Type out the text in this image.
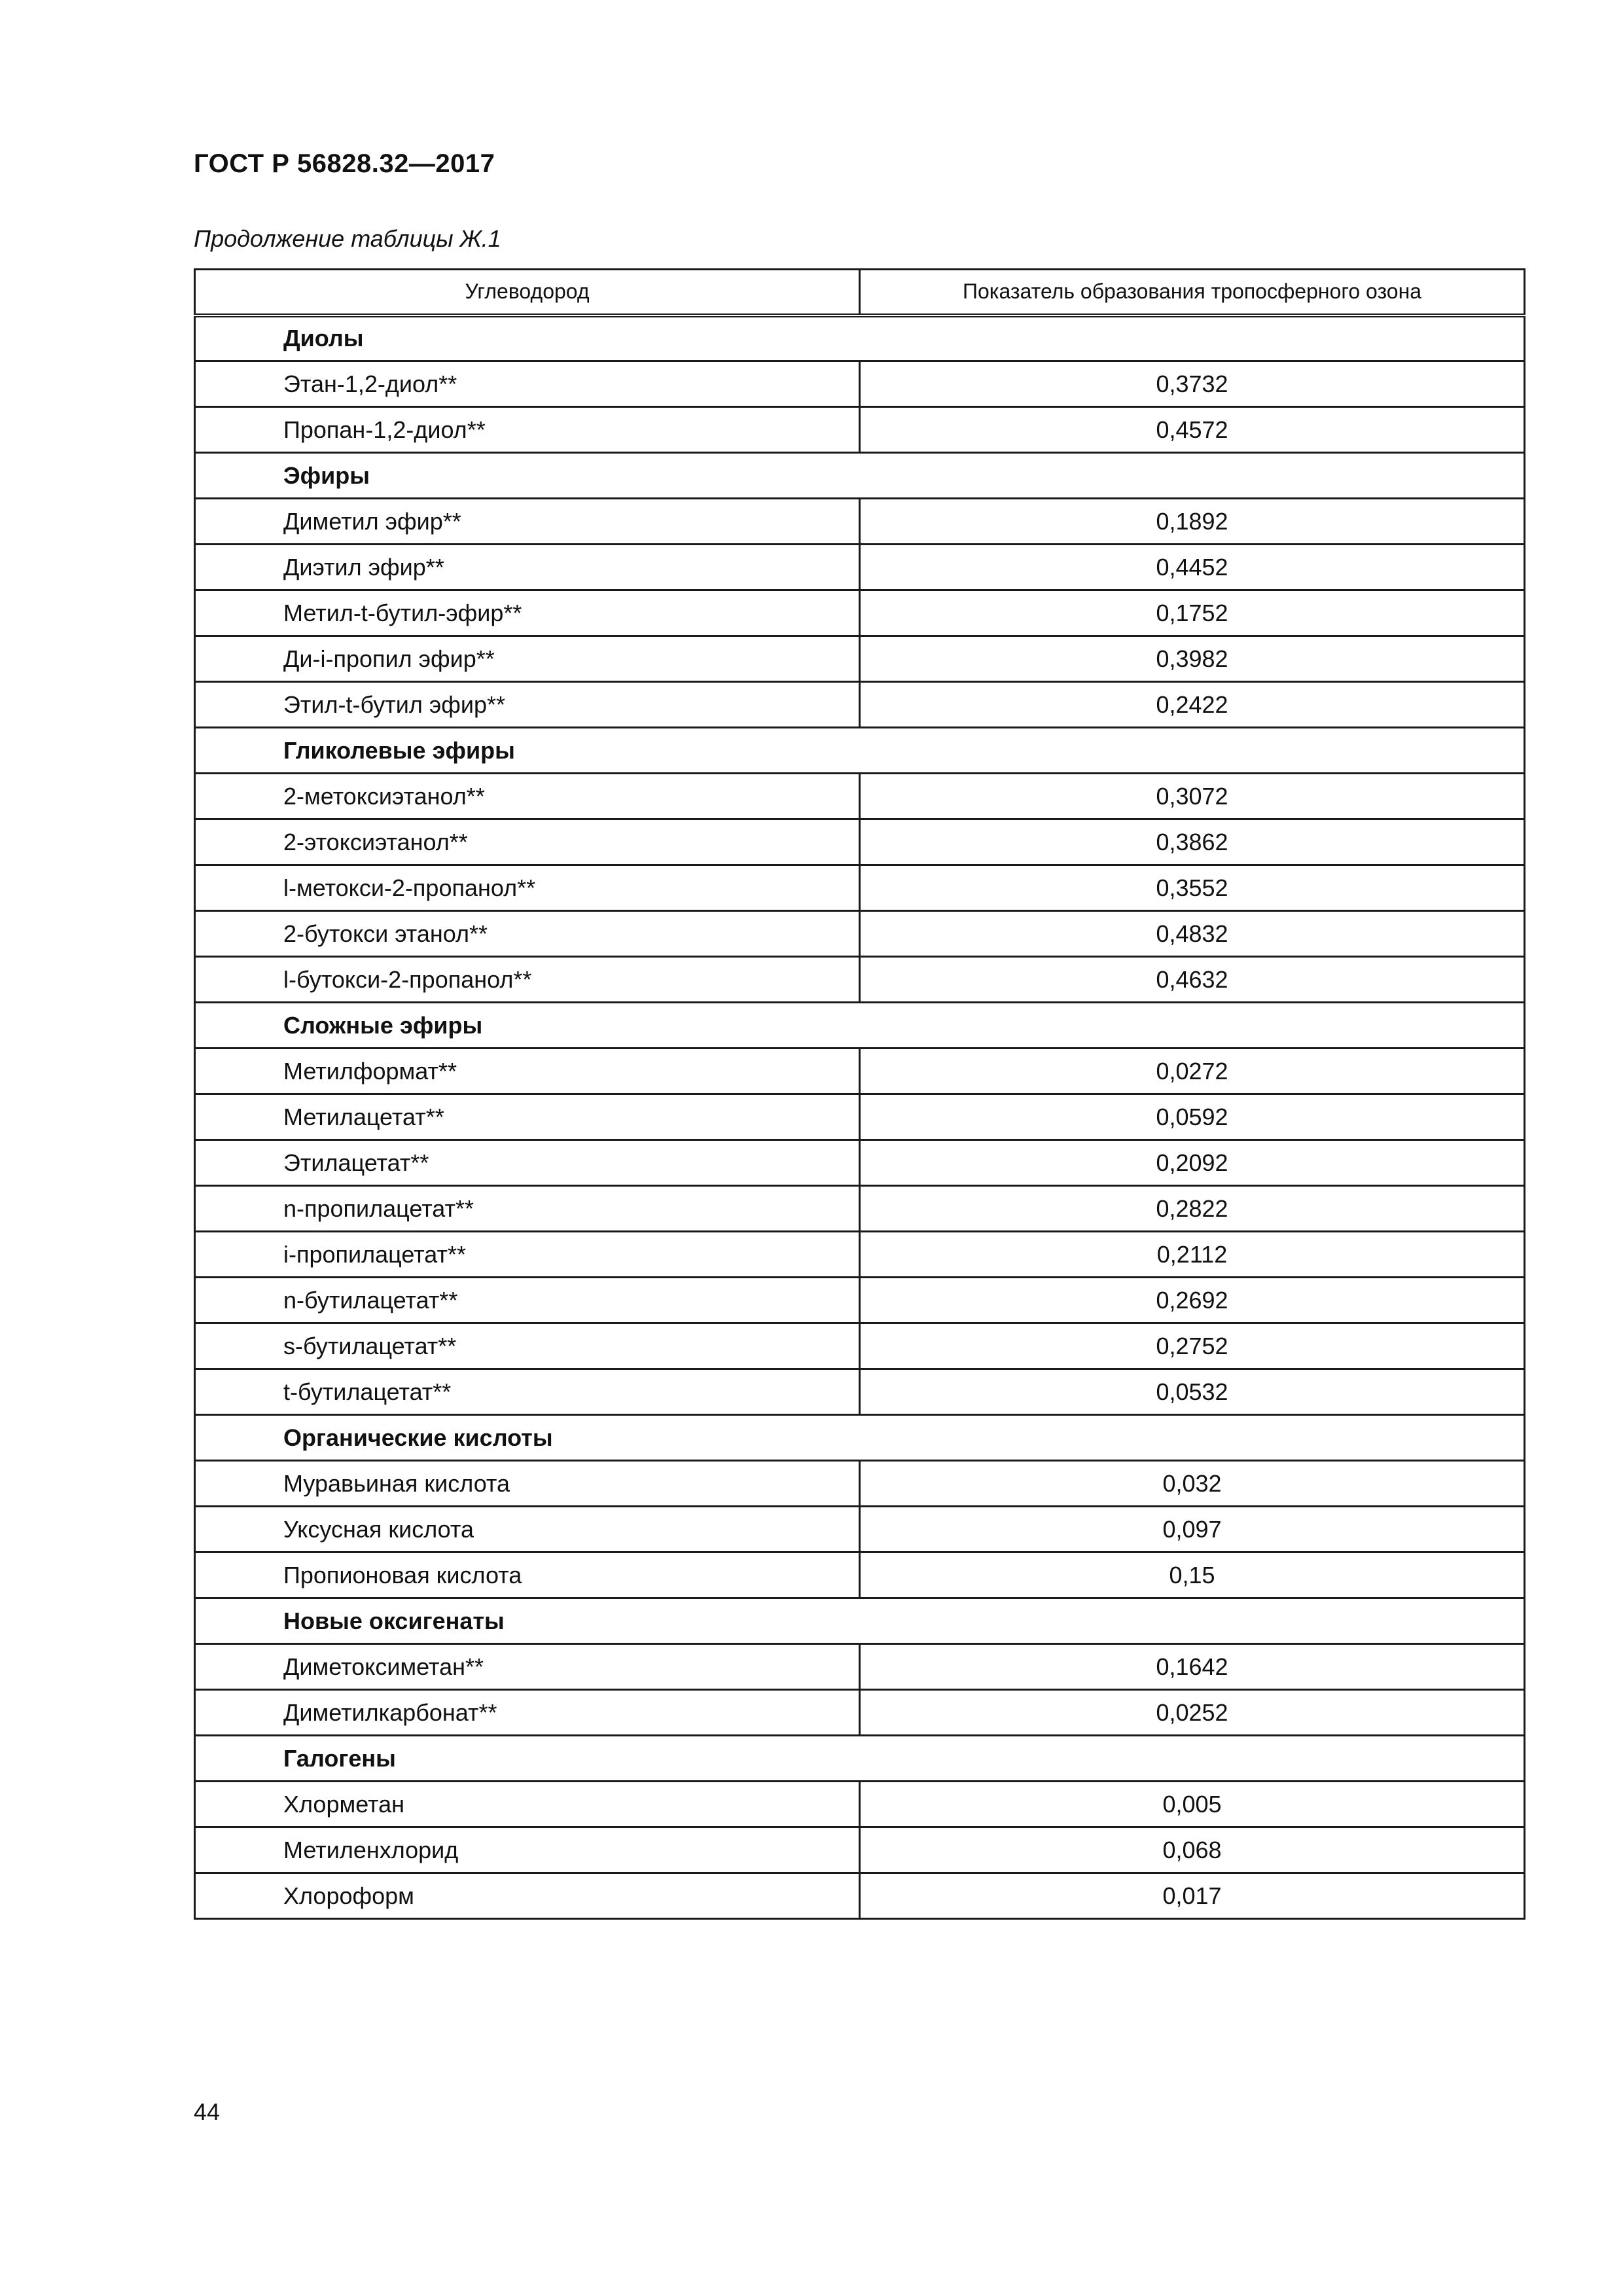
ГОСТ Р 56828.32—2017
Продолжение таблицы Ж.1
Углеводород	Показатель образования тропосферного озона
Диолы	
Этан-1,2-диол**	0,3732
Пропан-1,2-диол**	0,4572
Эфиры	
Диметил эфир**	0,1892
Диэтил эфир**	0,4452
Метил-t-бутил-эфир**	0,1752
Ди-i-пропил эфир**	0,3982
Этил-t-бутил эфир**	0,2422
Гликолевые эфиры	
2-метоксиэтанол**	0,3072
2-этоксиэтанол**	0,3862
l-метокси-2-пропанол**	0,3552
2-бутокси этанол**	0,4832
l-бутокси-2-пропанол**	0,4632
Сложные эфиры	
Метилформат**	0,0272
Метилацетат**	0,0592
Этилацетат**	0,2092
n-пропилацетат**	0,2822
i-пропилацетат**	0,2112
n-бутилацетат**	0,2692
s-бутилацетат**	0,2752
t-бутилацетат**	0,0532
Органические кислоты	
Муравьиная кислота	0,032
Уксусная кислота	0,097
Пропионовая кислота	0,15
Новые оксигенаты	
Диметоксиметан**	0,1642
Диметилкарбонат**	0,0252
Галогены	
Хлорметан	0,005
Метиленхлорид	0,068
Хлороформ	0,017
44
